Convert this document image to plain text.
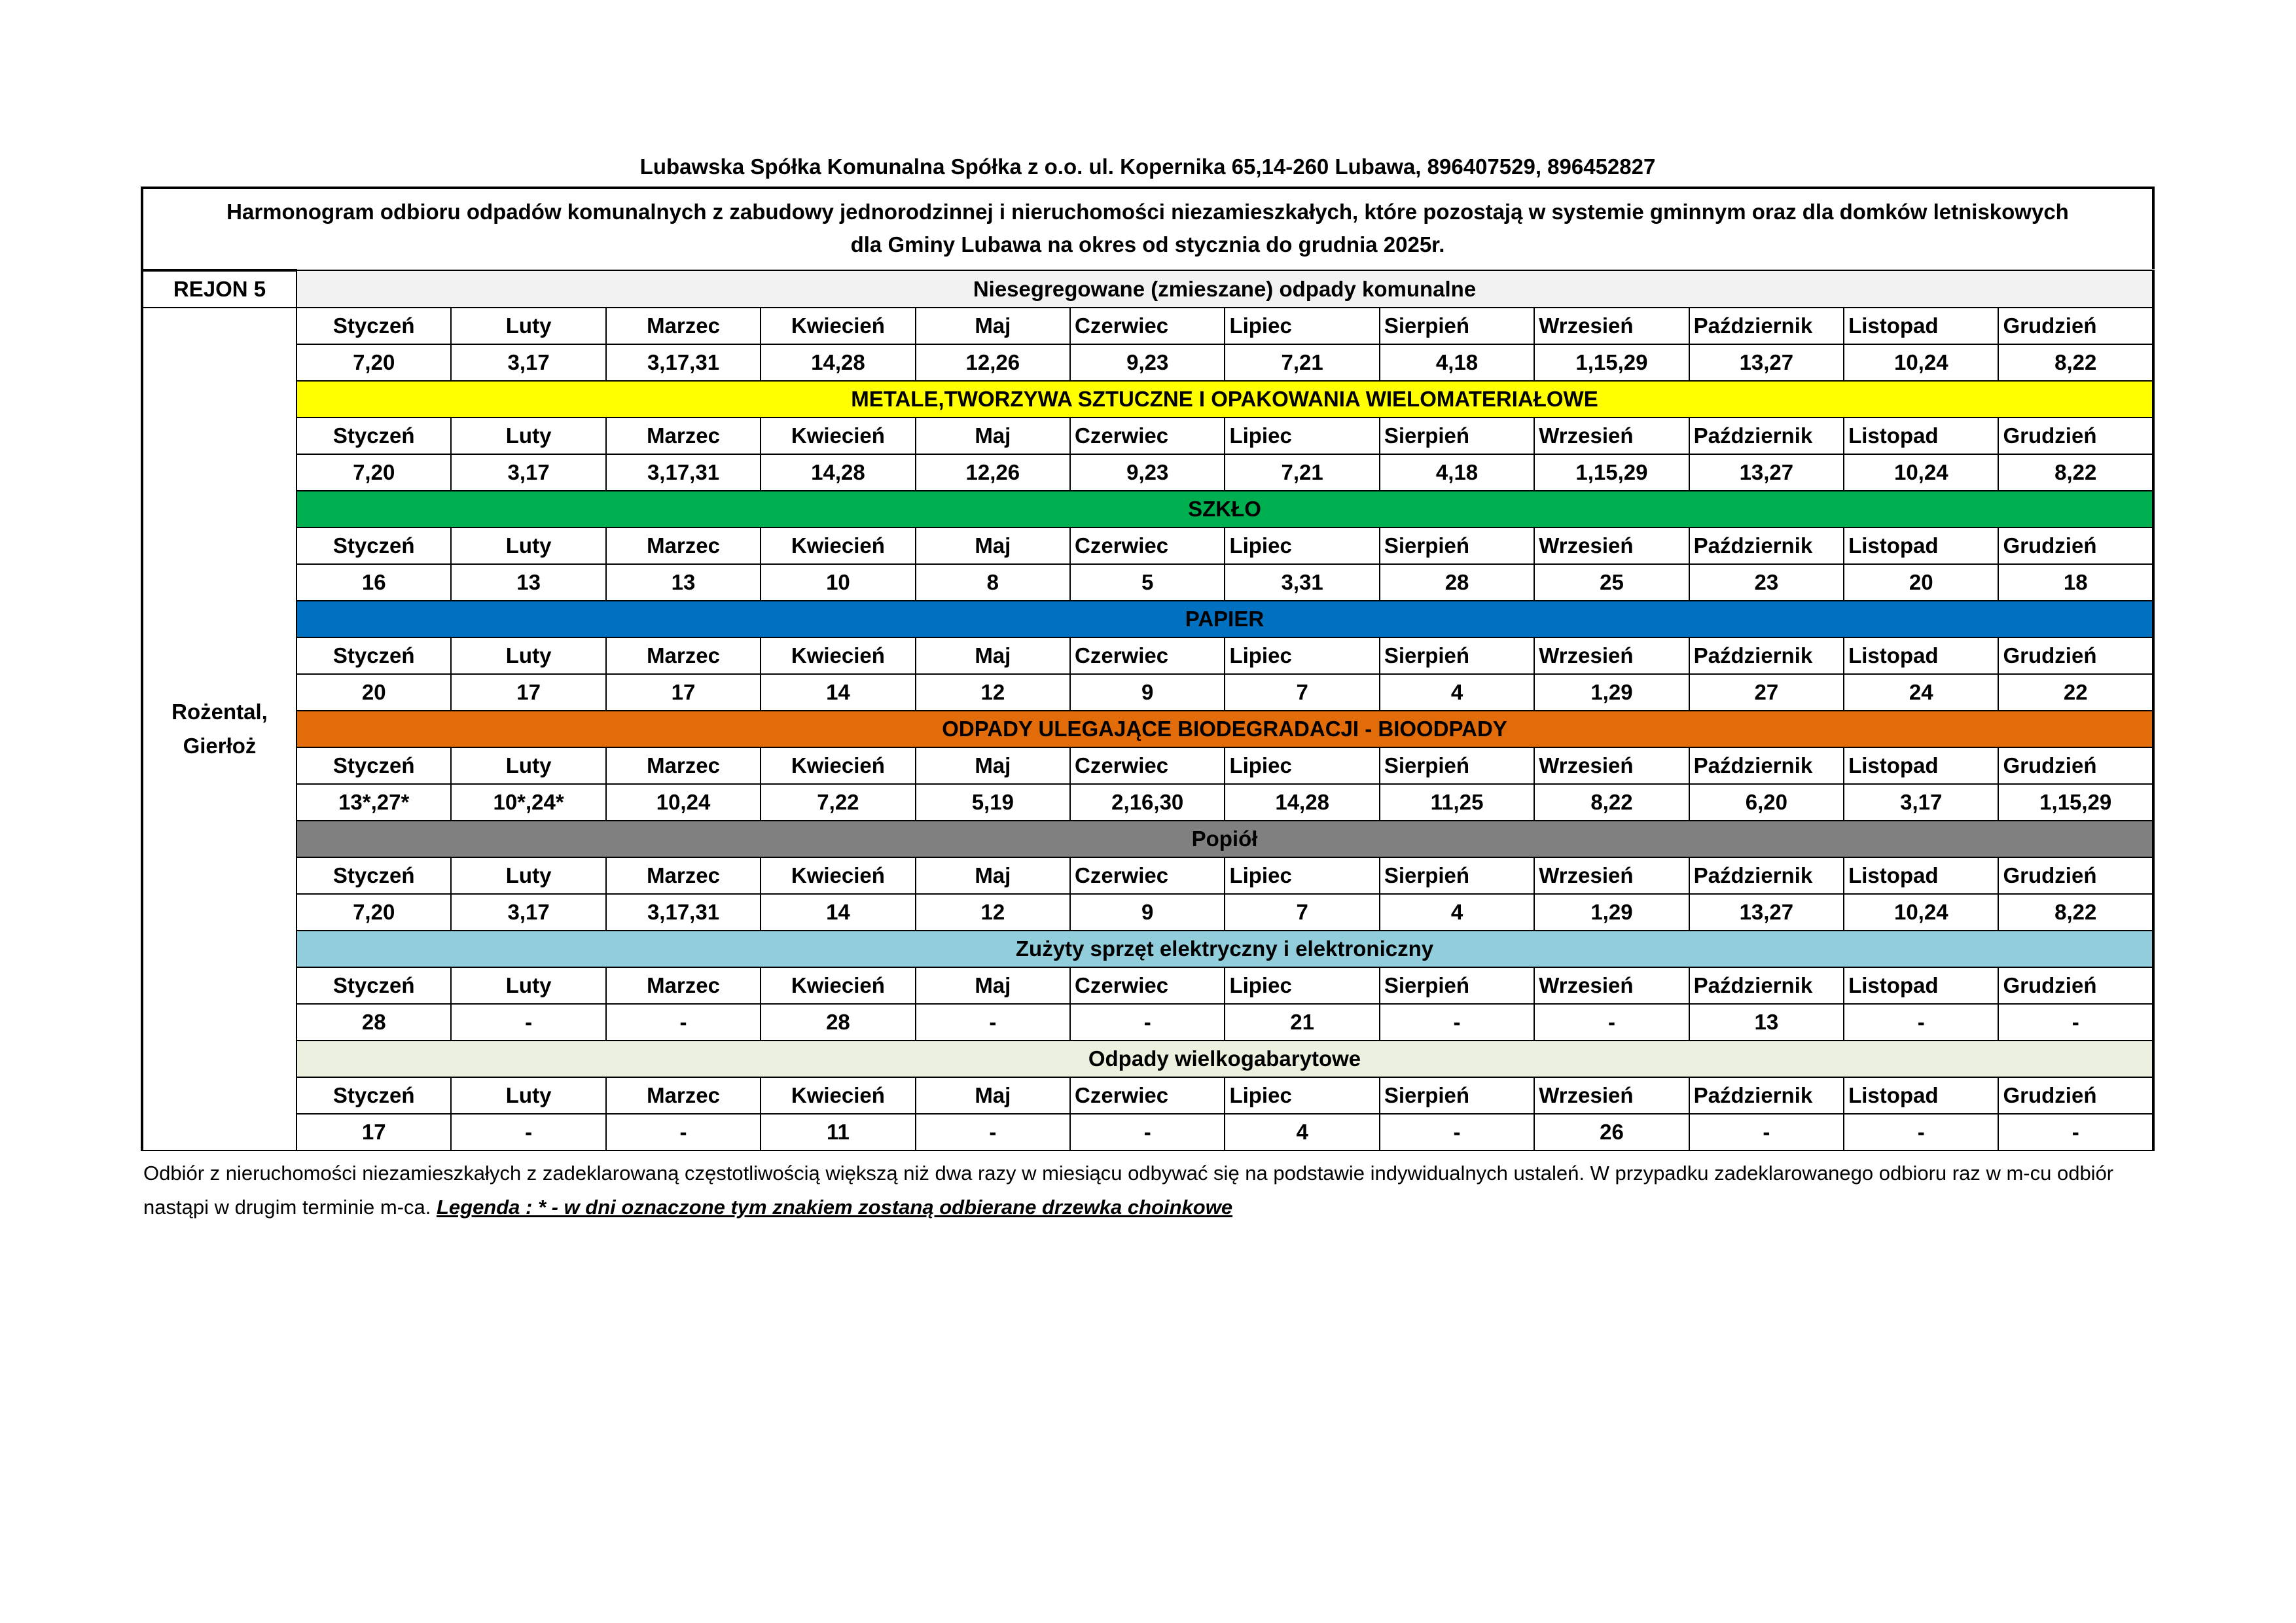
Lubawska Spółka Komunalna Spółka z o.o. ul. Kopernika 65,14-260 Lubawa, 896407529, 896452827
Harmonogram odbioru odpadów komunalnych z zabudowy jednorodzinnej i nieruchomości niezamieszkałych, które pozostają w systemie gminnym oraz dla domków letniskowych
dla Gminy Lubawa na okres od stycznia do grudnia 2025r.
REJON 5	Niesegregowane (zmieszane) odpady komunalne											

Rożental,
Gierłoż	Styczeń	Luty	Marzec	Kwiecień	Maj	Czerwiec	Lipiec	Sierpień	Wrzesień	Październik	Listopad	Grudzień
	7,20	3,17	3,17,31	14,28	12,26	9,23	7,21	4,18	1,15,29	13,27	10,24	8,22
	METALE,TWORZYWA SZTUCZNE I OPAKOWANIA WIELOMATERIAŁOWE											
	Styczeń	Luty	Marzec	Kwiecień	Maj	Czerwiec	Lipiec	Sierpień	Wrzesień	Październik	Listopad	Grudzień
	7,20	3,17	3,17,31	14,28	12,26	9,23	7,21	4,18	1,15,29	13,27	10,24	8,22
	SZKŁO											
	Styczeń	Luty	Marzec	Kwiecień	Maj	Czerwiec	Lipiec	Sierpień	Wrzesień	Październik	Listopad	Grudzień
	16	13	13	10	8	5	3,31	28	25	23	20	18
	PAPIER											
	Styczeń	Luty	Marzec	Kwiecień	Maj	Czerwiec	Lipiec	Sierpień	Wrzesień	Październik	Listopad	Grudzień
	20	17	17	14	12	9	7	4	1,29	27	24	22
	ODPADY ULEGAJĄCE BIODEGRADACJI - BIOODPADY											
	Styczeń	Luty	Marzec	Kwiecień	Maj	Czerwiec	Lipiec	Sierpień	Wrzesień	Październik	Listopad	Grudzień
	13*,27*	10*,24*	10,24	7,22	5,19	2,16,30	14,28	11,25	8,22	6,20	3,17	1,15,29
	Popiół											
	Styczeń	Luty	Marzec	Kwiecień	Maj	Czerwiec	Lipiec	Sierpień	Wrzesień	Październik	Listopad	Grudzień
	7,20	3,17	3,17,31	14	12	9	7	4	1,29	13,27	10,24	8,22
	Zużyty sprzęt elektryczny i elektroniczny											
	Styczeń	Luty	Marzec	Kwiecień	Maj	Czerwiec	Lipiec	Sierpień	Wrzesień	Październik	Listopad	Grudzień
	28	-	-	28	-	-	21	-	-	13	-	-
	Odpady wielkogabarytowe											
	Styczeń	Luty	Marzec	Kwiecień	Maj	Czerwiec	Lipiec	Sierpień	Wrzesień	Październik	Listopad	Grudzień
	17	-	-	11	-	-	4	-	26	-	-	-
Odbiór z nieruchomości niezamieszkałych z zadeklarowaną częstotliwością większą niż dwa razy w miesiącu odbywać się na podstawie indywidualnych ustaleń. W przypadku zadeklarowanego odbioru raz w m-cu odbiór nastąpi w drugim terminie m-ca. Legenda : * - w dni oznaczone tym znakiem zostaną odbierane drzewka choinkowe
